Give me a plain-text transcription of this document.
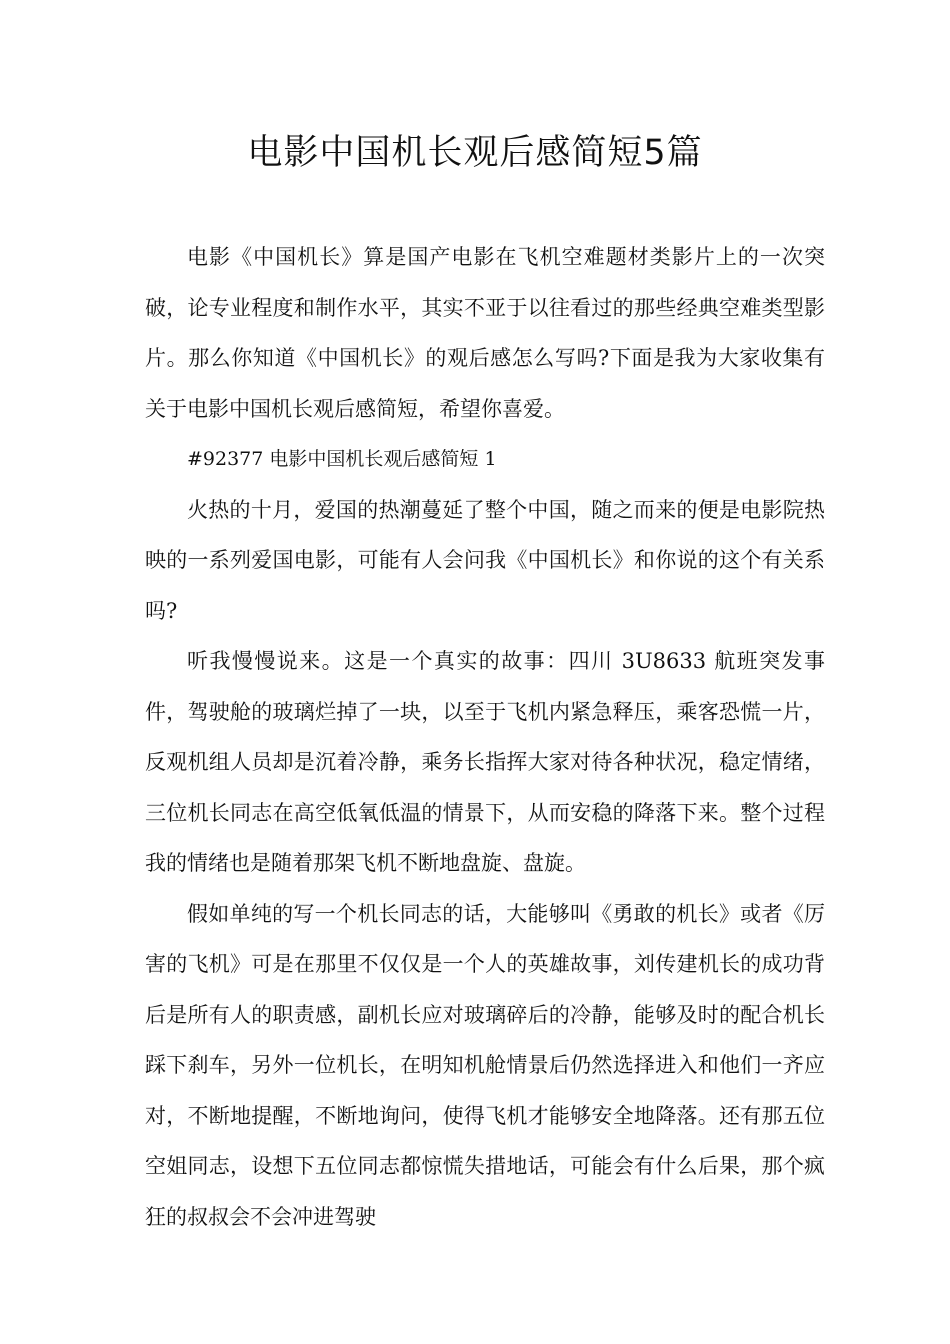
电影中国机长观后感简短5篇

电影《中国机长》算是国产电影在飞机空难题材类影片上的一次突破，论专业程度和制作水平，其实不亚于以往看过的那些经典空难类型影片。那么你知道《中国机长》的观后感怎么写吗?下面是我为大家收集有关于电影中国机长观后感简短，希望你喜爱。

#92377 电影中国机长观后感简短 1

火热的十月，爱国的热潮蔓延了整个中国，随之而来的便是电影院热映的一系列爱国电影，可能有人会问我《中国机长》和你说的这个有关系吗?

听我慢慢说来。这是一个真实的故事：四川 3U8633 航班突发事件，驾驶舱的玻璃烂掉了一块，以至于飞机内紧急释压，乘客恐慌一片，反观机组人员却是沉着冷静，乘务长指挥大家对待各种状况，稳定情绪，三位机长同志在高空低氧低温的情景下，从而安稳的降落下来。整个过程我的情绪也是随着那架飞机不断地盘旋、盘旋。

假如单纯的写一个机长同志的话，大能够叫《勇敢的机长》或者《厉害的飞机》可是在那里不仅仅是一个人的英雄故事，刘传建机长的成功背后是所有人的职责感，副机长应对玻璃碎后的冷静，能够及时的配合机长踩下刹车，另外一位机长，在明知机舱情景后仍然选择进入和他们一齐应对，不断地提醒，不断地询问，使得飞机才能够安全地降落。还有那五位空姐同志，设想下五位同志都惊慌失措地话，可能会有什么后果，那个疯狂的叔叔会不会冲进驾驶
